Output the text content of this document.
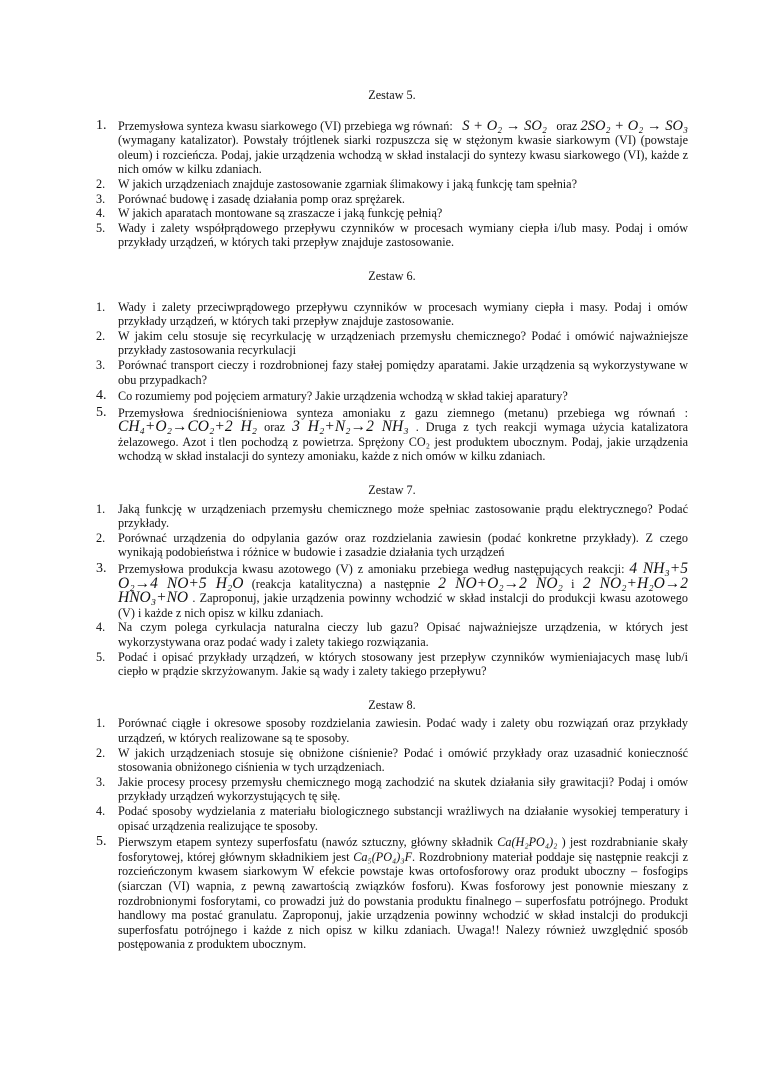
Zestaw 5.
1. Przemysłowa synteza kwasu siarkowego (VI) przebiega wg równań: S + O₂ → SO₂ oraz 2SO₂ + O₂ → SO₃ (wymagany katalizator). Powstały trójtlenek siarki rozpuszcza się w stężonym kwasie siarkowym (VI) (powstaje oleum) i rozcieńcza. Podaj, jakie urządzenia wchodzą w skład instalacji do syntezy kwasu siarkowego (VI), każde z nich omów w kilku zdaniach.
2. W jakich urządzeniach znajduje zastosowanie zgarniak ślimakowy i jaką funkcję tam spełnia?
3. Porównać budowę i zasadę działania pomp oraz sprężarek.
4. W jakich aparatach montowane są zraszacze i jaką funkcję pełnią?
5. Wady i zalety współprądowego przepływu czynników w procesach wymiany ciepła i/lub masy. Podaj i omów przykłady urządzeń, w których taki przepływ znajduje zastosowanie.
Zestaw 6.
1. Wady i zalety przeciwprądowego przepływu czynników w procesach wymiany ciepła i masy. Podaj i omów przykłady urządzeń, w których taki przepływ znajduje zastosowanie.
2. W jakim celu stosuje się recyrkulację w urządzeniach przemysłu chemicznego? Podać i omówić najważniejsze przykłady zastosowania recyrkulacji
3. Porównać transport cieczy i rozdrobnionej fazy stałej pomiędzy aparatami. Jakie urządzenia są wykorzystywane w obu przypadkach?
4. Co rozumiemy pod pojęciem armatury? Jakie urządzenia wchodzą w skład takiej aparatury?
5. Przemysłowa średniociśnieniowa synteza amoniaku z gazu ziemnego (metanu) przebiega wg równań : CH₄+O₂→CO₂+2 H₂ oraz 3 H₂+N₂→2 NH₃ . Druga z tych reakcji wymaga użycia katalizatora żelazowego. Azot i tlen pochodzą z powietrza. Sprężony CO₂ jest produktem ubocznym. Podaj, jakie urządzenia wchodzą w skład instalacji do syntezy amoniaku, każde z nich omów w kilku zdaniach.
Zestaw 7.
1. Jaką funkcję w urządzeniach przemysłu chemicznego może spełniac zastosowanie prądu elektrycznego? Podać przykłady.
2. Porównać urządzenia do odpylania gazów oraz rozdzielania zawiesin (podać konkretne przykłady). Z czego wynikają podobieństwa i różnice w budowie i zasadzie działania tych urządzeń
3. Przemysłowa produkcja kwasu azotowego (V) z amoniaku przebiega według następujących reakcji: 4 NH₃+5 O₂→4 NO+5 H₂O (reakcja katalityczna) a następnie 2 NO+O₂→2 NO₂ i 2 NO₂+H₂O→2 HNO₃+NO . Zaproponuj, jakie urządzenia powinny wchodzić w skład instalcji do produkcji kwasu azotowego (V) i każde z nich opisz w kilku zdaniach.
4. Na czym polega cyrkulacja naturalna cieczy lub gazu? Opisać najważniejsze urządzenia, w których jest wykorzystywana oraz podać wady i zalety takiego rozwiązania.
5. Podać i opisać przykłady urządzeń, w których stosowany jest przepływ czynników wymieniajacych masę lub/i ciepło w prądzie skrzyżowanym. Jakie są wady i zalety takiego przepływu?
Zestaw 8.
1. Porównać ciągłe i okresowe sposoby rozdzielania zawiesin. Podać wady i zalety obu rozwiązań oraz przykłady urządzeń, w których realizowane są te sposoby.
2. W jakich urządzeniach stosuje się obniżone ciśnienie? Podać i omówić przykłady oraz uzasadnić konieczność stosowania obniżonego ciśnienia w tych urządzeniach.
3. Jakie procesy procesy przemysłu chemicznego mogą zachodzić na skutek działania siły grawitacji? Podaj i omów przykłady urządzeń wykorzystujących tę siłę.
4. Podać sposoby wydzielania z materiału biologicznego substancji wrażliwych na działanie wysokiej temperatury i opisać urządzenia realizujące te sposoby.
5. Pierwszym etapem syntezy superfosfatu (nawóz sztuczny, główny składnik Ca(H₂PO₄)₂ ) jest rozdrabnianie skały fosforytowej, której głównym składnikiem jest Ca₅(PO₄)₃F. Rozdrobniony materiał poddaje się następnie reakcji z rozcieńczonym kwasem siarkowym W efekcie powstaje kwas ortofosforowy oraz produkt uboczny – fosfogips (siarczan (VI) wapnia, z pewną zawartością związków fosforu). Kwas fosforowy jest ponownie mieszany z rozdrobnionymi fosforytami, co prowadzi już do powstania produktu finalnego – superfosfatu potrójnego. Produkt handlowy ma postać granulatu. Zaproponuj, jakie urządzenia powinny wchodzić w skład instalcji do produkcji superfosfatu potrójnego i każde z nich opisz w kilku zdaniach. Uwaga!! Nalezy również uwzględnić sposób postępowania z produktem ubocznym.
